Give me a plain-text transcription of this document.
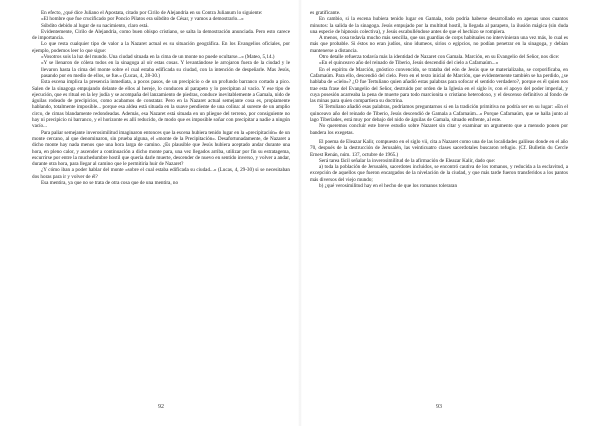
En efecto, ¿qué dice Juliano el Apostata, citado por Cirilo de Alejandría en su Contra Julianum lo siguiente:

«El hombre que fue crucificado por Poncio Pilatos era súbdito de César, y vamos a demostrarlo...»

Súbdito debido al lugar de su nacimiento, claro está.

Evidentemente, Cirilo de Alejandría, como buen obispo cristiano, se salta la demostración anunciada. Pero esto carece de importancia.

Lo que resta cualquier tipo de valor a la Nazaret actual es su situación geográfica. En los Evangelios oficiales, por ejemplo, podemos leer lo que sigue:

«Vosotros sois la luz del mundo. Una ciudad situada en la cima de un monte no puede ocultarse...» (Mateo, 5,14.)

«Y se llenaron de cólera todos en la sinagoga al oír estas cosas. Y levantándose le arrojaron fuera de la ciudad y le llevaron hasta la cima del monte sobre el cual estaba edificada su ciudad, con la intención de despeñarle. Mas Jesús, pasando por en medio de ellos, se fue.» (Lucas, 4, 28-30.)

Esta escena implica la presencia inmediata, a pocos pasos, de un precipicio o de un profundo barranco cortado a pico. Salen de la sinagoga empujando delante de ellos al hereje, lo conducen al parapeto y lo precipitan al vacío. Y ese tipo de ejecución, que es ritual en la ley judía y se acompaña del lanzamiento de piedras, conduce inevitablemente a Gamala, nido de águilas rodeado de precipicios, como acabamos de constatar. Pero en la Nazaret actual semejante cosa es, propiamente hablando, totalmente imposible... porque esa aldea está situada en la suave pendiente de una colina: al sureste de un amplio circo, de cimas blandamente redondeadas. Además, esa Nazaret está situada en un pliegue del terreno, por consiguiente no hay ni precipicio ni barranco, y el horizonte es allí reducido, de modo que es imposible soñar con precipitar a nadie a ningún vacío...

Para paliar semejante inverosimilitud imaginaron entonces que la escena hubiera tenido lugar en la «precipitación» de un monte cercano, al que denominaron, sin prueba alguna, el «monte de la Precipitación». Desafortunadamente, de Nazaret a dicho monte hay nada menos que una hora larga de camino. ¿Es plausible que Jesús hubiera aceptado andar durante una hora, en pleno calor, y ascender a continuación a dicho monte para, una vez llegados arriba, utilizar por fin su estratagema, escurrirse por entre la muchedumbre hostil que quería darle muerte, descender de nuevo en sentido inverso, y volver a andar, durante otra hora, para llegar al camino que le permitiría huir de Nazaret?

¿Y cómo iban a poder hablar del monte «sobre el cual estaba edificada su ciudad...» (Lucas, 4, 29-30) si se necesitaban dos horas para ir y volver de él?

Esa mentira, ya que no se trata de otra cosa que de una mentira, no

92

es gratificante.

En cambio, si la escena hubiera tenido lugar en Gamala, todo podría haberse desarrollado en apenas unos cuantos minutos: la salida de la sinagoga. Jesús empujado por la multitud hostil, la llegada al parapeto, la ilusión mágica (sin duda una especie de hipnosis colectiva), y Jesús escabulléndose antes de que el hechizo se rompiera.

A menos, cosa todavía mucho más sencilla, que sus guardias de corps habituales no intervinieran una vez más, lo cual es más que probable. Si éstos no eran judíos, sino idumeos, sirios o egipcios, no podían penetrar en la sinagoga, y debían mantenerse a distancia.

Otro detalle refuerza todavía más la identidad de Nazaret con Gamala. Marción, en su Evangelio del Señor, nos dice:

«En el quinceavo año del reinado de Tiberio, Jesús descendió del cielo a Cafarnaúm...»

En el espíritu de Marción, gnóstico convencido, se trataba del eón de Jesús que se materializaba, se corporificaba, en Cafarnaúm. Para ello, descendió del cielo. Pero en el texto inicial de Marción, que evidentemente también se ha perdido, ¿se hablaba de «cielo»? ¿O fue Tertuliano quien añadió estas palabras para sofocar el sentido verdadero?, porque es él quien nos trae esta frase del Evangelio del Señor, destruido por orden de la Iglesia en el siglo iv, con el apoyo del poder imperial, y cuya posesión acarreaba la pena de muerte para todo marcionita o cristiano heterodoxo, y el descenso definitivo al fondo de las minas para quien compartiera su doctrina.

Si Tertuliano añadió esas palabras, podríamos preguntarnos si en la tradición primitiva no podría ser en su lugar: «En el quinceavo año del reinado de Tiberio, Jesús descendió de Gamala a Cafarnaúm...» Porque Cafarnaúm, que se halla junto al lago Tiberíades, está muy por debajo del nido de águilas de Gamala, situado enfrente, al este.

No queremos concluir este breve estudio sobre Nazaret sin citar y examinar un argumento que a menudo ponen por bandera los exegetas.

El poema de Eleazar Kalir, compuesto en el siglo vii, cita a Nazaret como una de las localidades galileas donde en el año 70, después de la destrucción de Jerusalén, las veinticuatro clases sacerdotales buscaron refugio. (Cf. Bulletin du Cercle Ernest Renán, núm. 137, octubre de 1965.)

Será tarea fácil señalar la inverosimilitud de la afirmación de Eleazar Kalir, dado que:

a) toda la población de Jerusalén, sacerdotes incluidos, se encontró cautiva de los romanos, y reducida a la esclavitud, a excepción de aquellos que fueron encargados de la nivelación de la ciudad, y que más tarde fueron transferidos a los pantos más diversos del viejo mundo;

b) ¿qué verosimilitud hay en el hecho de que los romanos toleraran

93
